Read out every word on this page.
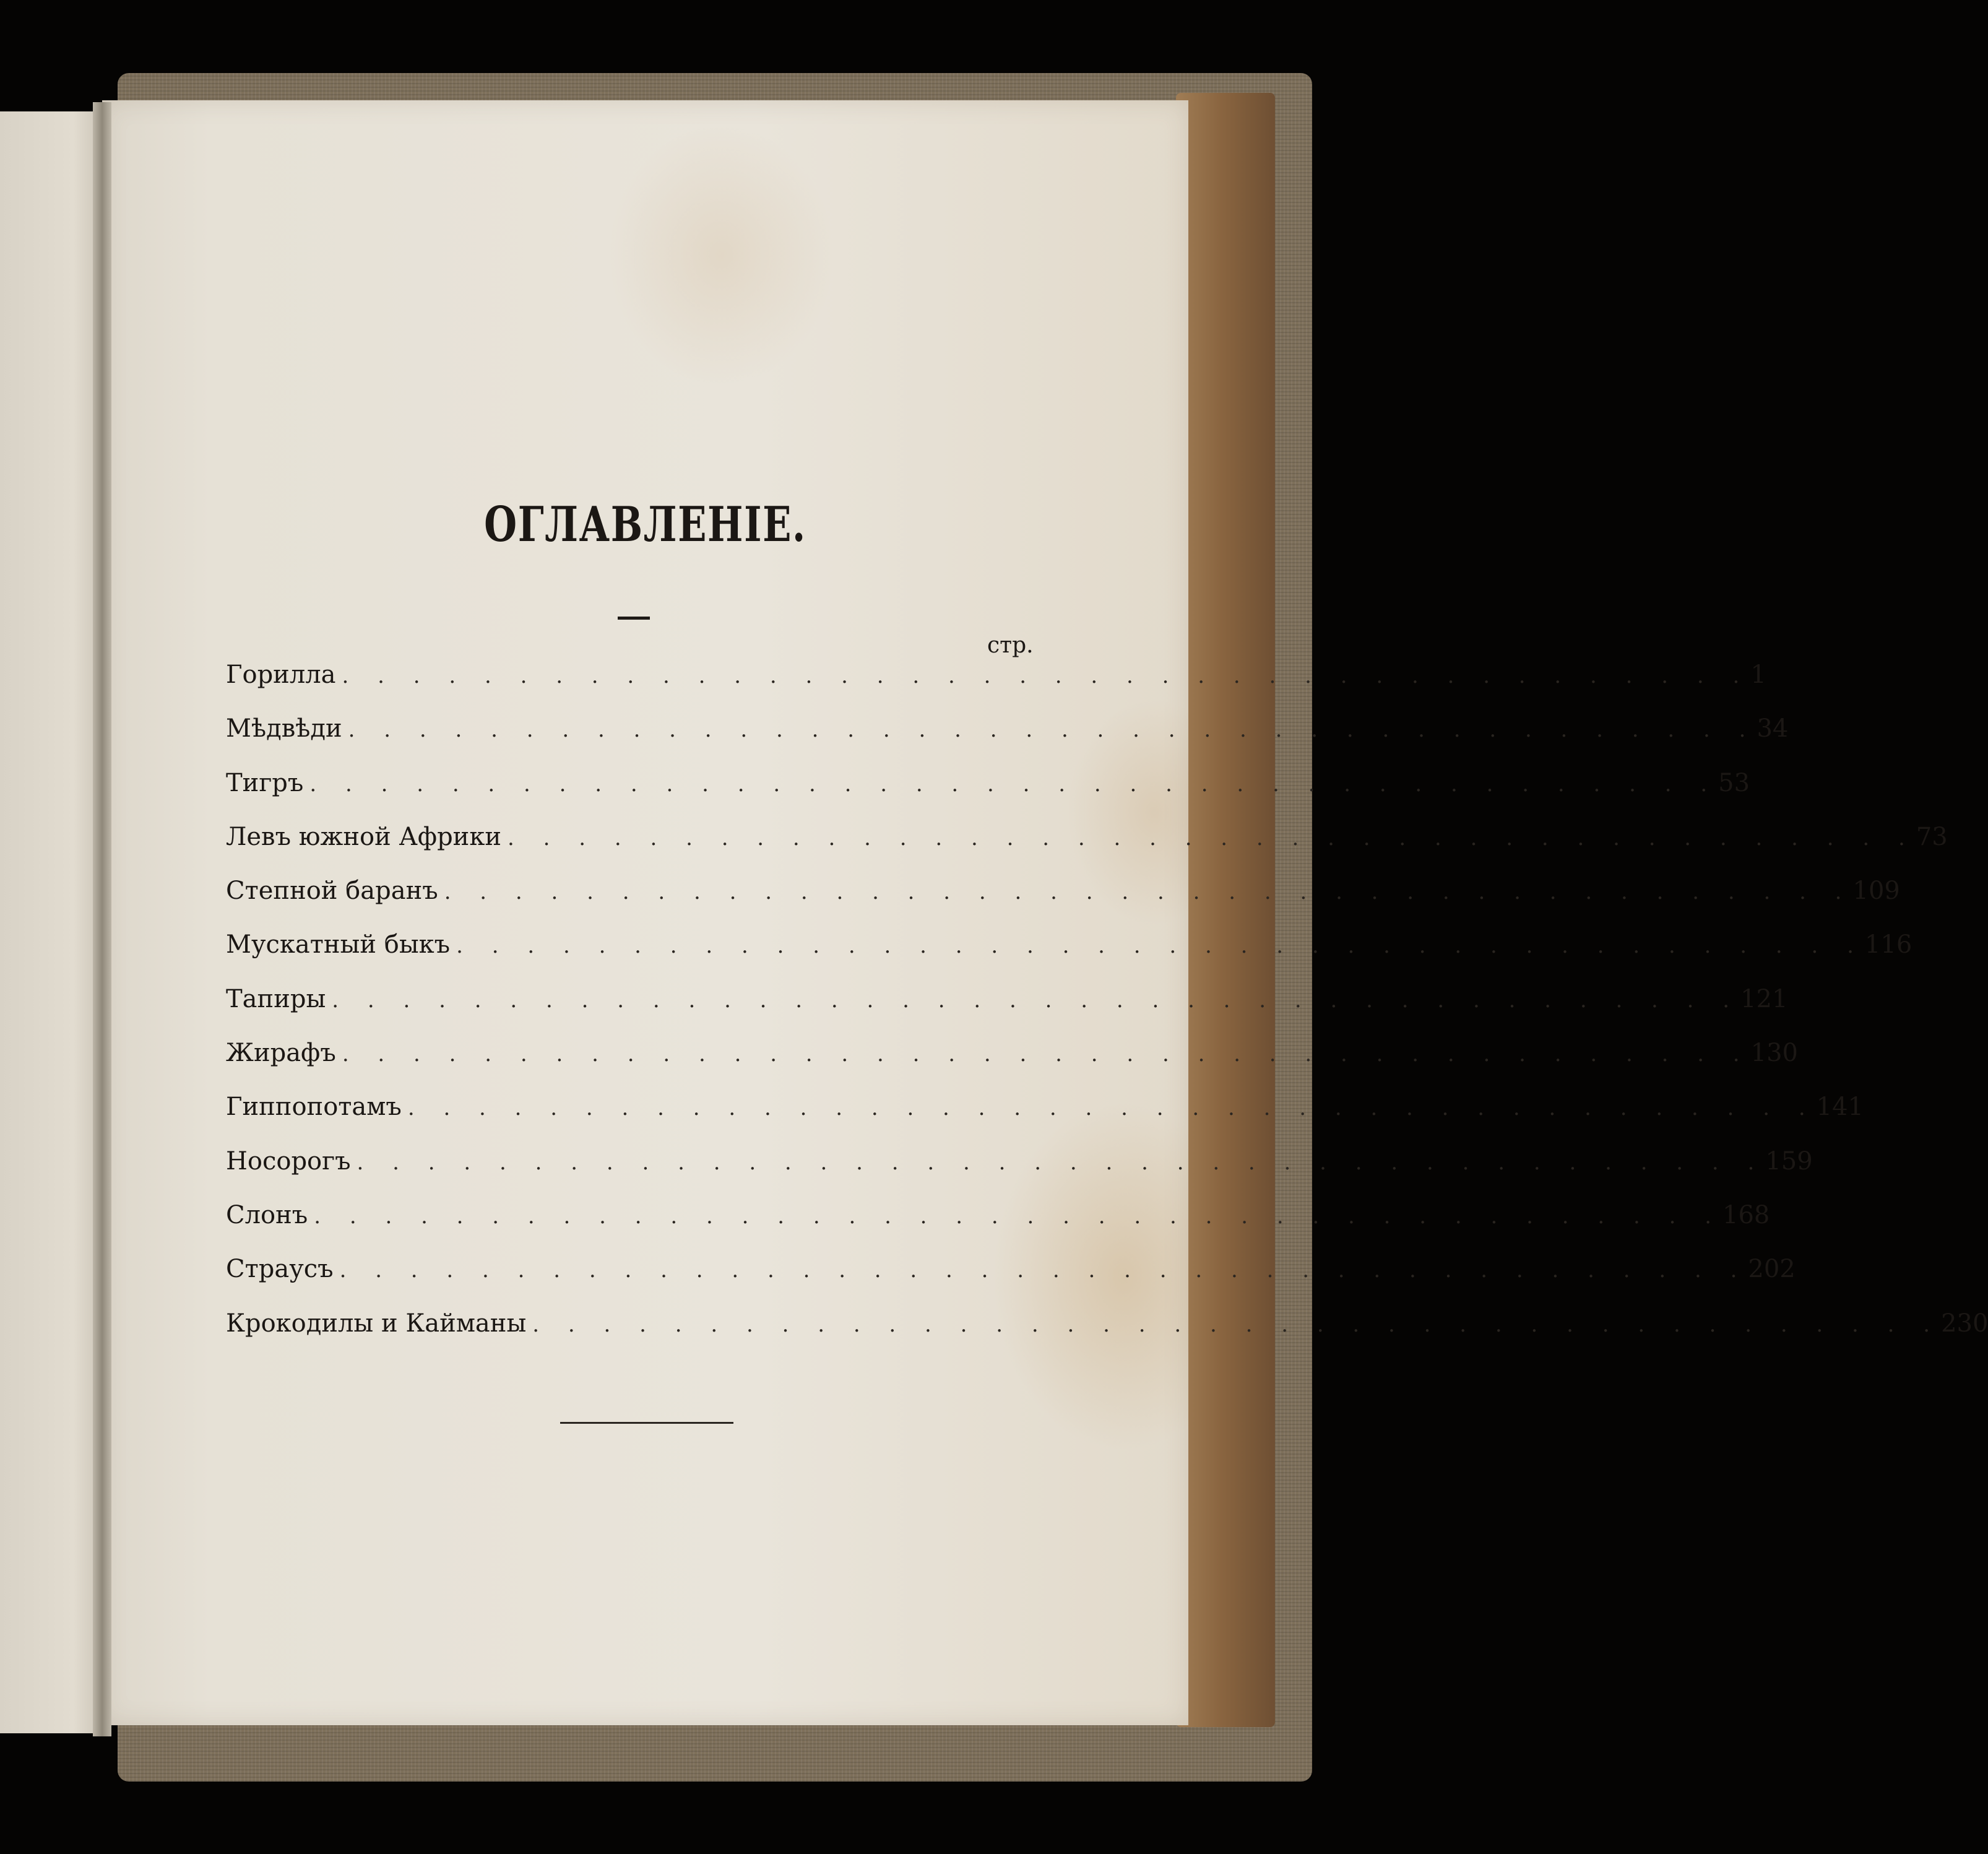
ОГЛАВЛЕНІЕ.
стр.
Горилла . . . . . . . . . . . . . . . . . . . . . . . . . . . . . . . . . . . . . . . . 1
Мѣдвѣди . . . . . . . . . . . . . . . . . . . . . . . . . . . . . . . . . . . . . . . . 34
Тигръ . . . . . . . . . . . . . . . . . . . . . . . . . . . . . . . . . . . . . . . . 53
Левъ южной Африки . . . . . . . . . . . . . . . . . . . . . . . . . . . . . . . . . . . . . . . . 73
Степной баранъ . . . . . . . . . . . . . . . . . . . . . . . . . . . . . . . . . . . . . . . . 109
Мускатный быкъ . . . . . . . . . . . . . . . . . . . . . . . . . . . . . . . . . . . . . . . . 116
Тапиры . . . . . . . . . . . . . . . . . . . . . . . . . . . . . . . . . . . . . . . . 121
Жирафъ . . . . . . . . . . . . . . . . . . . . . . . . . . . . . . . . . . . . . . . . 130
Гиппопотамъ . . . . . . . . . . . . . . . . . . . . . . . . . . . . . . . . . . . . . . . . 141
Носорогъ . . . . . . . . . . . . . . . . . . . . . . . . . . . . . . . . . . . . . . . . 159
Слонъ . . . . . . . . . . . . . . . . . . . . . . . . . . . . . . . . . . . . . . . . 168
Страусъ . . . . . . . . . . . . . . . . . . . . . . . . . . . . . . . . . . . . . . . . 202
Крокодилы и Кайманы . . . . . . . . . . . . . . . . . . . . . . . . . . . . . . . . . . . . . . . . 230
